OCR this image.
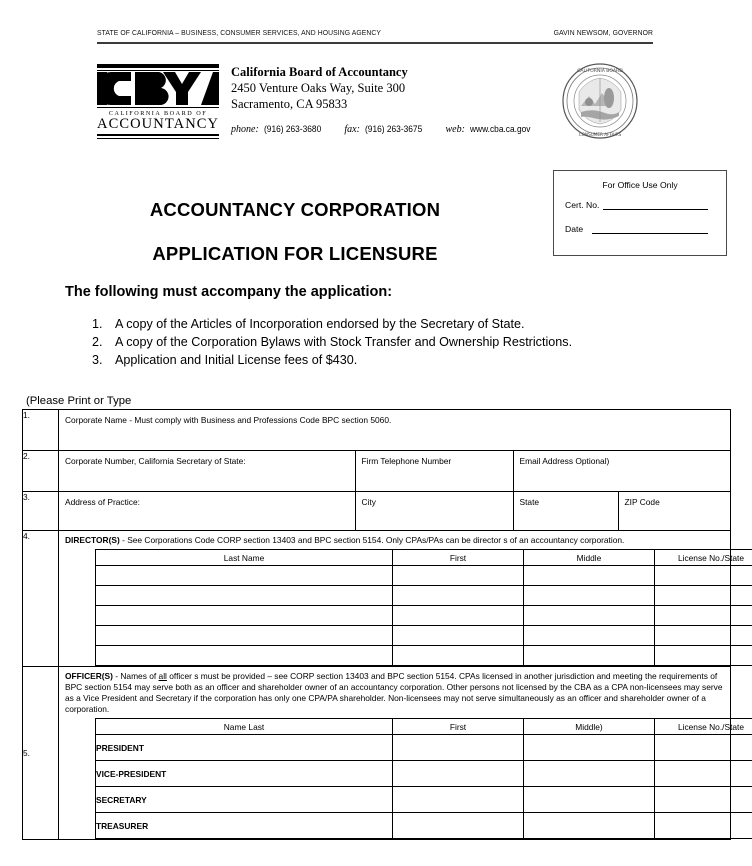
STATE OF CALIFORNIA – BUSINESS, CONSUMER SERVICES, AND HOUSING AGENCY	GAVIN NEWSOM, GOVERNOR
CALIFORNIA BOARD OF
ACCOUNTANCY
California Board of Accountancy
2450 Venture Oaks Way, Suite 300
Sacramento, CA 95833
phone: (916) 263-3680 fax: (916) 263-3675 web: www.cba.ca.gov
CALIFORNIA BOARD
CONSUMER AFFAIRS
For Office Use Only
Cert. No.
Date
ACCOUNTANCY CORPORATION
APPLICATION FOR LICENSURE
The following must accompany the application:
1. A copy of the Articles of Incorporation endorsed by the Secretary of State.
2. A copy of the Corporation Bylaws with Stock Transfer and Ownership Restrictions.
3. Application and Initial License fees of $430.
(Please Print or Type
1.	Corporate Name - Must comply with Business and Professions Code BPC section 5060.

2.		Corporate Number, California Secretary of State:	Firm Telephone Number	Email Address Optional)

3.		Address of Practice:	City	State	ZIP Code

4.	DIRECTOR(S) - See Corporations Code CORP section 13403 and BPC section 5154. Only CPAs/PAs can be director s of an accountancy corporation.
Last Name	First	Middle	License No./State

5.	
OFFICER(S) - Names of all officer s must be provided – see CORP section 13403 and BPC section 5154. CPAs licensed in another jurisdiction and meeting the requirements of BPC section 5154 may serve both as an officer and shareholder owner of an accountancy corporation. Other persons not licensed by the CBA as a CPA non-licensees may serve as a Vice President and Secretary if the corporation has only one CPA/PA shareholder. Non-licensees may not serve simultaneously as an officer and shareholder owner of a corporation.
Name Last	First	Middle)	License No./State
PRESIDENT			
VICE-PRESIDENT			
SECRETARY			
TREASURER			
